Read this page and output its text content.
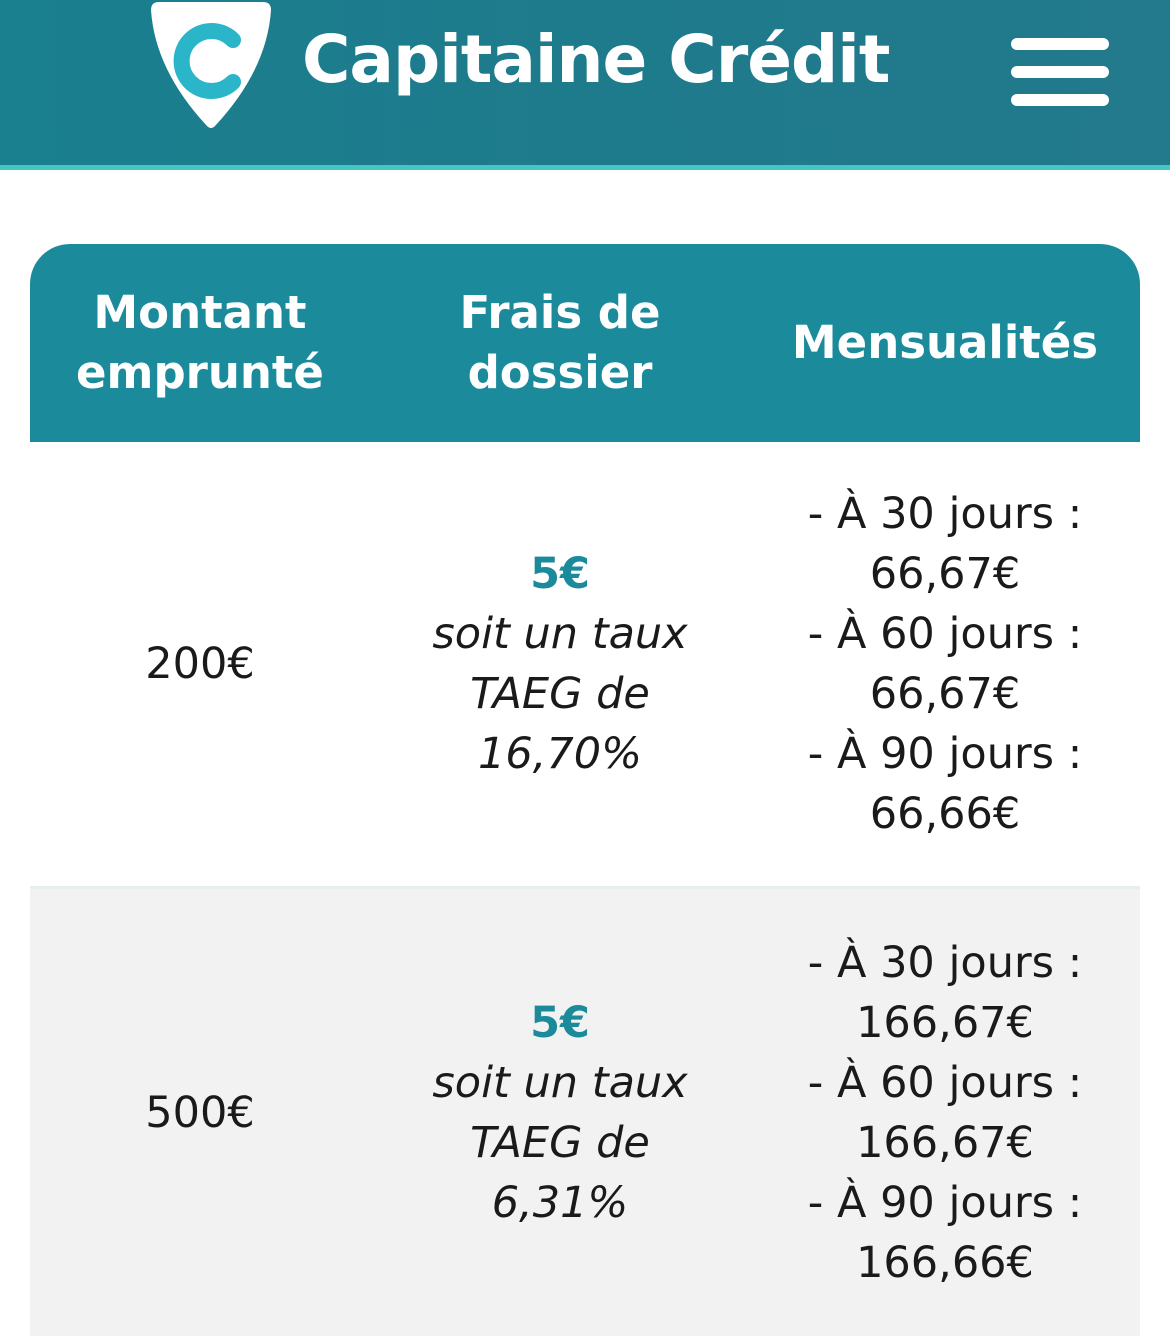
Capitaine Crédit
Montant emprunté
Frais de dossier
Mensualités
200€
5€
soit un taux
TAEG de
16,70%
- À 30 jours :
66,67€
- À 60 jours :
66,67€
- À 90 jours :
66,66€
500€
5€
soit un taux
TAEG de
6,31%
- À 30 jours :
166,67€
- À 60 jours :
166,67€
- À 90 jours :
166,66€
